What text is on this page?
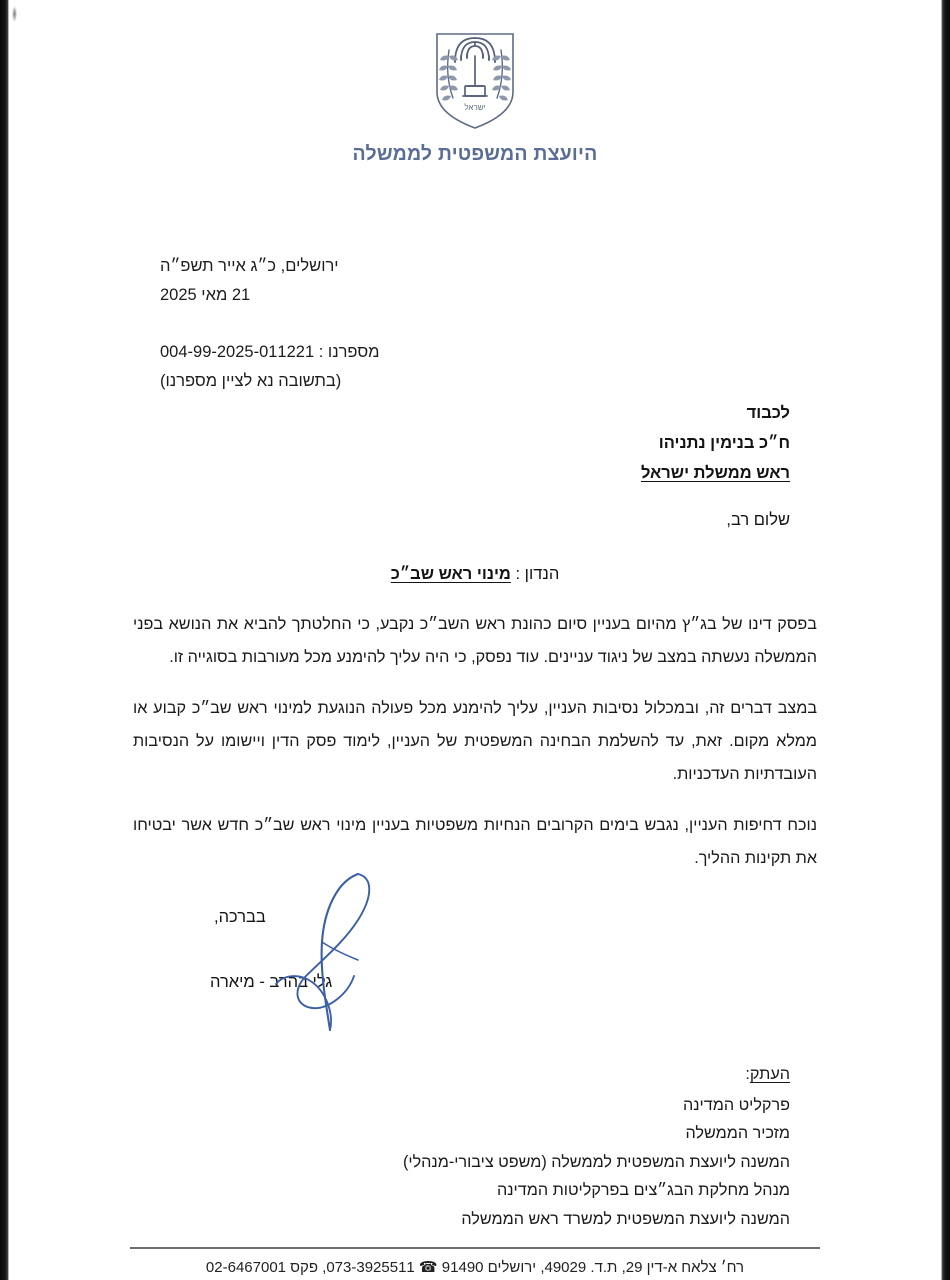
ישראל
היועצת המשפטית לממשלה
ירושלים, כ״ג אייר תשפ״ה
21 מאי 2025
מספרנו : 004-99-2025-011221
(בתשובה נא לציין מספרנו)
לכבוד
ח״כ בנימין נתניהו
ראש ממשלת ישראל
שלום רב,
הנדון : מינוי ראש שב״כ

בפסק דינו של בג״ץ מהיום בעניין סיום כהונת ראש השב״כ נקבע, כי החלטתך להביא את הנושא בפני הממשלה נעשתה במצב של ניגוד עניינים. עוד נפסק, כי היה עליך להימנע מכל מעורבות בסוגייה זו.

במצב דברים זה, ובמכלול נסיבות העניין, עליך להימנע מכל פעולה הנוגעת למינוי ראש שב״כ קבוע או ממלא מקום. זאת, עד להשלמת הבחינה המשפטית של העניין, לימוד פסק הדין ויישומו על הנסיבות העובדתיות העדכניות.

נוכח דחיפות העניין, נגבש בימים הקרובים הנחיות משפטיות בעניין מינוי ראש שב״כ חדש אשר יבטיחו את תקינות ההליך.

בברכה,
גלי בהרב - מיארה
העתק:
פרקליט המדינה
מזכיר הממשלה
המשנה ליועצת המשפטית לממשלה (משפט ציבורי-מנהלי)
מנהל מחלקת הבג״צים בפרקליטות המדינה
המשנה ליועצת המשפטית למשרד ראש הממשלה
רח׳ צלאח א-דין 29, ת.ד. 49029, ירושלים 91490 ☎ 073-3925511, פקס 02-6467001
